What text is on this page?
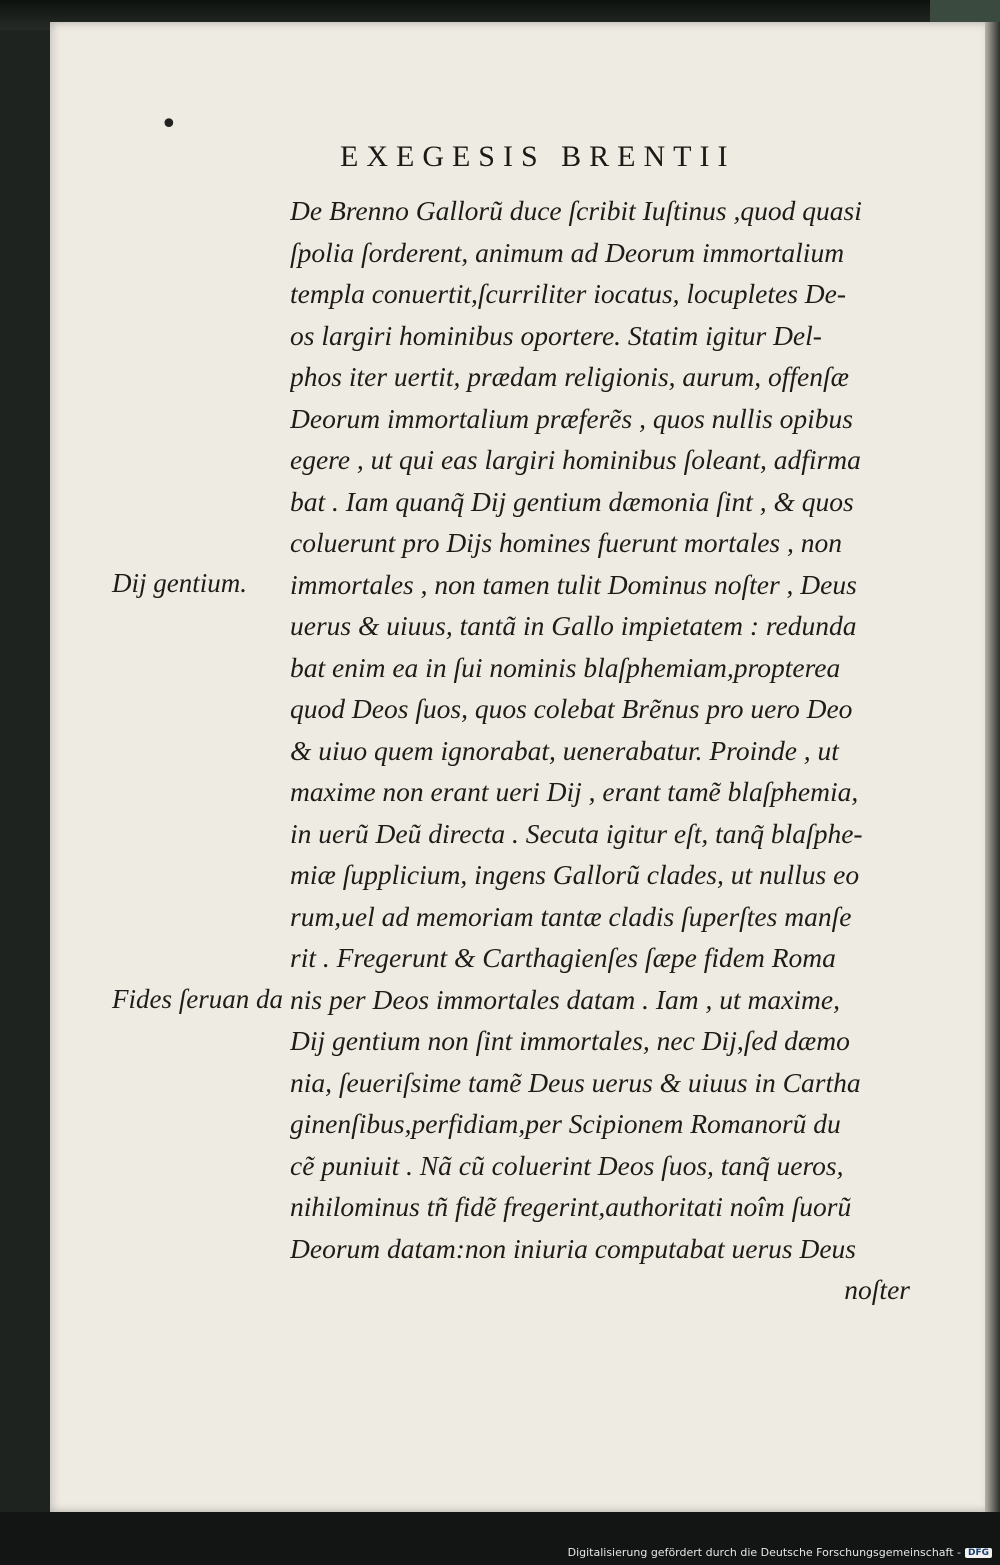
•
EXEGESIS BRENTII
De Brenno Gallorũ duce ſcribit Iuſtinus ,quod quasi
ſpolia ſorderent, animum ad Deorum immortalium
templa conuertit,ſcurriliter iocatus, locupletes De-
os largiri hominibus oportere. Statim igitur Del-
phos iter uertit, prædam religionis, aurum, offenſæ
Deorum immortalium præferẽs , quos nullis opibus
egere , ut qui eas largiri hominibus ſoleant, adfirma
bat . Iam quanq̃ Dij gentium dæmonia ſint , & quos
coluerunt pro Dijs homines fuerunt mortales , non
immortales , non tamen tulit Dominus noſter , Deus
uerus & uiuus, tantã in Gallo impietatem : redunda
bat enim ea in ſui nominis blaſphemiam,propterea
quod Deos ſuos, quos colebat Brẽnus pro uero Deo
& uiuo quem ignorabat, uenerabatur. Proinde , ut
maxime non erant ueri Dij , erant tamẽ blaſphemia,
in uerũ Deũ directa . Secuta igitur eſt, tanq̃ blaſphe-
miæ ſupplicium, ingens Gallorũ clades, ut nullus eo
rum,uel ad memoriam tantæ cladis ſuperſtes manſe
rit . Fregerunt & Carthagienſes ſæpe fidem Roma
nis per Deos immortales datam . Iam , ut maxime,
Dij gentium non ſint immortales, nec Dij,ſed dæmo
nia, ſeueriſsime tamẽ Deus uerus & uiuus in Cartha
ginenſibus,perfidiam,per Scipionem Romanorũ du
cẽ puniuit . Nã cũ coluerint Deos ſuos, tanq̃ ueros,
nihilominus tñ fidẽ fregerint,authoritati noîm ſuorũ
Deorum datam:non iniuria computabat uerus Deus
noſter
Dij gentium.
Fides ſeruan da
Digitalisierung gefördert durch die Deutsche Forschungsgemeinschaft - DFG
